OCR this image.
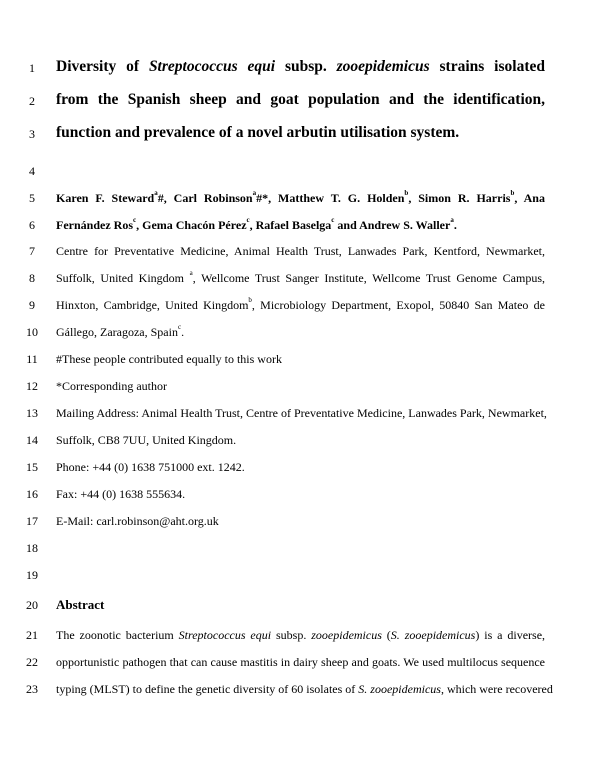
1
2
3
4
5
6
7
8
9
10
11
12
13
14
15
16
17
18
19
20
21
22
23
Diversity of Streptococcus equi subsp. zooepidemicus strains isolated
from the Spanish sheep and goat population and the identification,
function and prevalence of a novel arbutin utilisation system.
Karen F. Steward$^a$#, Carl Robinson$^a$#*, Matthew T. G. Holden$^b$, Simon R. Harris$^b$, Ana
Fernández Ros$^c$, Gema Chacón Pérez$^c$, Rafael Baselga$^c$ and Andrew S. Waller$^a$.
Centre for Preventative Medicine, Animal Health Trust, Lanwades Park, Kentford, Newmarket,
Suffolk, United Kingdom $^a$, Wellcome Trust Sanger Institute, Wellcome Trust Genome Campus,
Hinxton, Cambridge, United Kingdom$^b$, Microbiology Department, Exopol, 50840 San Mateo de
Gállego, Zaragoza, Spain$^c$.
#These people contributed equally to this work
*Corresponding author
Mailing Address: Animal Health Trust, Centre of Preventative Medicine, Lanwades Park, Newmarket,
Suffolk, CB8 7UU, United Kingdom.
Phone: +44 (0) 1638 751000 ext. 1242.
Fax: +44 (0) 1638 555634.
E-Mail: carl.robinson@aht.org.uk
Abstract
The zoonotic bacterium Streptococcus equi subsp. zooepidemicus (S. zooepidemicus) is a diverse,
opportunistic pathogen that can cause mastitis in dairy sheep and goats. We used multilocus sequence
typing (MLST) to define the genetic diversity of 60 isolates of S. zooepidemicus, which were recovered
